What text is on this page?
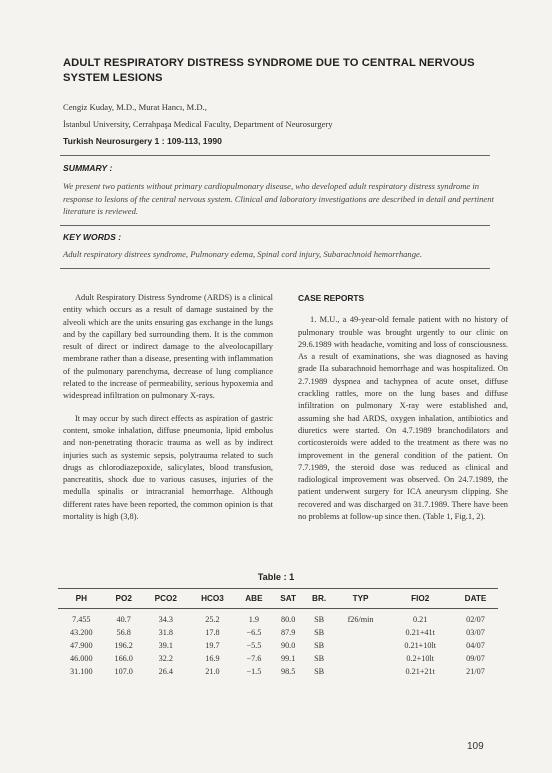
ADULT RESPIRATORY DISTRESS SYNDROME DUE TO CENTRAL NERVOUS SYSTEM LESIONS
Cengiz Kuday, M.D., Murat Hancı, M.D.,
İstanbul University, Cerrahpaşa Medical Faculty, Department of Neurosurgery
Turkish Neurosurgery 1 : 109-113, 1990
SUMMARY :
We present two patients without primary cardiopulmonary disease, who developed adult respiratory distress syndrome in response to lesions of the central nervous system. Clinical and laboratory investigations are described in detail and pertinent literature is reviewed.
KEY WORDS :
Adult respiratory distrees syndrome, Pulmonary edema, Spinal cord injury, Subarachnoid hemorrhange.

Adult Respiratory Distress Syndrome (ARDS) is a clinical entity which occurs as a result of damage sustained by the alveoli which are the units ensuring gas exchange in the lungs and by the capillary bed surrounding them. It is the common result of direct or indirect damage to the alveolocapillary membrane rather than a disease, presenting with inflammation of the pulmonary parenchyma, decrease of lung compliance related to the increase of permeability, serious hypoxemia and widespread infiltration on pulmonary X-rays.

It may occur by such direct effects as aspiration of gastric content, smoke inhalation, diffuse pneumonia, lipid embolus and non-penetrating thoracic trauma as well as by indirect injuries such as systemic sepsis, polytrauma related to such drugs as chlorodiazepoxide, salicylates, blood transfusion, pancreatitis, shock due to various casuses, injuries of the medulla spinalis or intracranial hemorrhage. Although different rates have been reported, the common opinion is that mortality is high (3,8).

CASE REPORTS

1. M.U., a 49-year-old female patient with no history of pulmonary trouble was brought urgently to our clinic on 29.6.1989 with headache, vomiting and loss of consciousness. As a result of examinations, she was diagnosed as having grade IIa subarachnoid hemorrhage and was hospitalized. On 2.7.1989 dyspnea and tachypnea of acute onset, diffuse crackling rattles, more on the lung bases and diffuse infiltration on pulmonary X-ray were established and, assuming she had ARDS, oxygen inhalation, antibiotics and diuretics were started. On 4.7.1989 branchodilators and corticosteroids were added to the treatment as there was no improvement in the general condition of the patient. On 7.7.1989, the steroid dose was reduced as clinical and radiological improvement was observed. On 24.7.1989, the patient underwent surgery for ICA aneurysm clipping. She recovered and was discharged on 31.7.1989. There have been no problems at follow-up since then. (Table 1, Fig.1, 2).

Table : 1
PH	PO2	PCO2	HCO3	ABE	SAT	BR.	TYP	FIO2	DATE
7.455	40.7	34.3	25.2	1.9	80.0	SB	f26/min	0.21	02/07
43.200	56.8	31.8	17.8	−6.5	87.9	SB		0.21+41t	03/07
47.900	196.2	39.1	19.7	−5.5	90.0	SB		0.21+10lt	04/07
46.000	166.0	32.2	16.9	−7.6	99.1	SB		0.2+10lt	09/07
31.100	107.0	26.4	21.0	−1.5	98.5	SB		0.21+21t	21/07
109
